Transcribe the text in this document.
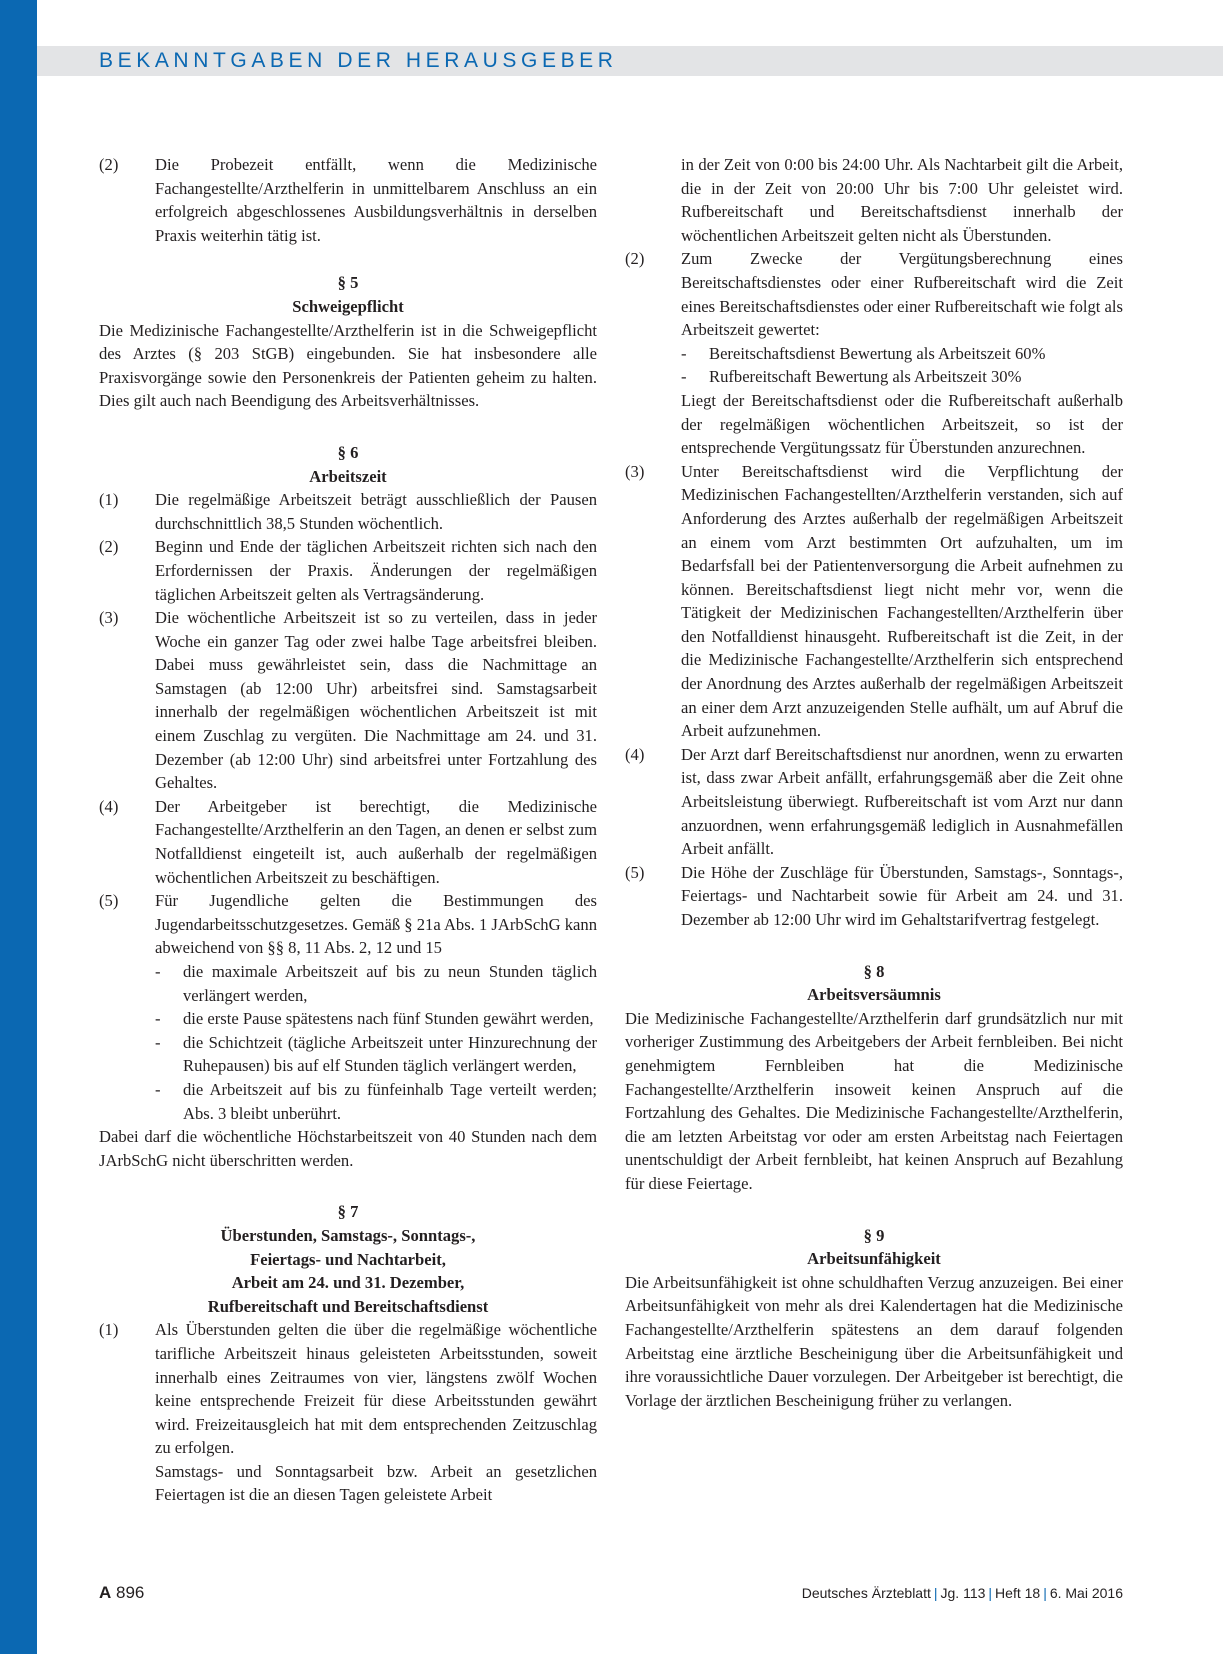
BEKANNTGABEN DER HERAUSGEBER
(2) Die Probezeit entfällt, wenn die Medizinische Fachangestellte/Arzthelferin in unmittelbarem Anschluss an ein erfolgreich abgeschlossenes Ausbildungsverhältnis in derselben Praxis weiterhin tätig ist.

§ 5

Schweigepflicht

Die Medizinische Fachangestellte/Arzthelferin ist in die Schweigepflicht des Arztes (§ 203 StGB) eingebunden. Sie hat insbesondere alle Praxisvorgänge sowie den Personenkreis der Patienten geheim zu halten. Dies gilt auch nach Beendigung des Arbeitsverhältnisses.

§ 6

Arbeitszeit

(1) Die regelmäßige Arbeitszeit beträgt ausschließlich der Pausen durchschnittlich 38,5 Stunden wöchentlich.
(2) Beginn und Ende der täglichen Arbeitszeit richten sich nach den Erfordernissen der Praxis. Änderungen der regelmäßigen täglichen Arbeitszeit gelten als Vertragsänderung.
(3) Die wöchentliche Arbeitszeit ist so zu verteilen, dass in jeder Woche ein ganzer Tag oder zwei halbe Tage arbeitsfrei bleiben. Dabei muss gewährleistet sein, dass die Nachmittage an Samstagen (ab 12:00 Uhr) arbeitsfrei sind. Samstagsarbeit innerhalb der regelmäßigen wöchentlichen Arbeitszeit ist mit einem Zuschlag zu vergüten. Die Nachmittage am 24. und 31. Dezember (ab 12:00 Uhr) sind arbeitsfrei unter Fortzahlung des Gehaltes.
(4) Der Arbeitgeber ist berechtigt, die Medizinische Fachangestellte/Arzthelferin an den Tagen, an denen er selbst zum Notfalldienst eingeteilt ist, auch außerhalb der regelmäßigen wöchentlichen Arbeitszeit zu beschäftigen.
(5) Für Jugendliche gelten die Bestimmungen des Jugendarbeitsschutzgesetzes. Gemäß § 21a Abs. 1 JArbSchG kann abweichend von §§ 8, 11 Abs. 2, 12 und 15
- die maximale Arbeitszeit auf bis zu neun Stunden täglich verlängert werden,
- die erste Pause spätestens nach fünf Stunden gewährt werden,
- die Schichtzeit (tägliche Arbeitszeit unter Hinzurechnung der Ruhepausen) bis auf elf Stunden täglich verlängert werden,
- die Arbeitszeit auf bis zu fünfeinhalb Tage verteilt werden; Abs. 3 bleibt unberührt.

Dabei darf die wöchentliche Höchstarbeitszeit von 40 Stunden nach dem JArbSchG nicht überschritten werden.

§ 7

Überstunden, Samstags-, Sonntags-,

Feiertags- und Nachtarbeit,

Arbeit am 24. und 31. Dezember,

Rufbereitschaft und Bereitschaftsdienst

(1) Als Überstunden gelten die über die regelmäßige wöchentliche tarifliche Arbeitszeit hinaus geleisteten Arbeitsstunden, soweit innerhalb eines Zeitraumes von vier, längstens zwölf Wochen keine entsprechende Freizeit für diese Arbeitsstunden gewährt wird. Freizeitausgleich hat mit dem entsprechenden Zeitzuschlag zu erfolgen.
Samstags- und Sonntagsarbeit bzw. Arbeit an gesetzlichen Feiertagen ist die an diesen Tagen geleistete Arbeit
in der Zeit von 0:00 bis 24:00 Uhr. Als Nachtarbeit gilt die Arbeit, die in der Zeit von 20:00 Uhr bis 7:00 Uhr geleistet wird. Rufbereitschaft und Bereitschaftsdienst innerhalb der wöchentlichen Arbeitszeit gelten nicht als Überstunden.
(2) Zum Zwecke der Vergütungsberechnung eines Bereitschaftsdienstes oder einer Rufbereitschaft wird die Zeit eines Bereitschaftsdienstes oder einer Rufbereitschaft wie folgt als Arbeitszeit gewertet:
- Bereitschaftsdienst Bewertung als Arbeitszeit 60%
- Rufbereitschaft Bewertung als Arbeitszeit 30%
Liegt der Bereitschaftsdienst oder die Rufbereitschaft außerhalb der regelmäßigen wöchentlichen Arbeitszeit, so ist der entsprechende Vergütungssatz für Überstunden anzurechnen.
(3) Unter Bereitschaftsdienst wird die Verpflichtung der Medizinischen Fachangestellten/Arzthelferin verstanden, sich auf Anforderung des Arztes außerhalb der regelmäßigen Arbeitszeit an einem vom Arzt bestimmten Ort aufzuhalten, um im Bedarfsfall bei der Patientenversorgung die Arbeit aufnehmen zu können. Bereitschaftsdienst liegt nicht mehr vor, wenn die Tätigkeit der Medizinischen Fachangestellten/Arzthelferin über den Notfalldienst hinausgeht. Rufbereitschaft ist die Zeit, in der die Medizinische Fachangestellte/Arzthelferin sich entsprechend der Anordnung des Arztes außerhalb der regelmäßigen Arbeitszeit an einer dem Arzt anzuzeigenden Stelle aufhält, um auf Abruf die Arbeit aufzunehmen.
(4) Der Arzt darf Bereitschaftsdienst nur anordnen, wenn zu erwarten ist, dass zwar Arbeit anfällt, erfahrungsgemäß aber die Zeit ohne Arbeitsleistung überwiegt. Rufbereitschaft ist vom Arzt nur dann anzuordnen, wenn erfahrungsgemäß lediglich in Ausnahmefällen Arbeit anfällt.
(5) Die Höhe der Zuschläge für Überstunden, Samstags-, Sonntags-, Feiertags- und Nachtarbeit sowie für Arbeit am 24. und 31. Dezember ab 12:00 Uhr wird im Gehaltstarifvertrag festgelegt.

§ 8

Arbeitsversäumnis

Die Medizinische Fachangestellte/Arzthelferin darf grundsätzlich nur mit vorheriger Zustimmung des Arbeitgebers der Arbeit fernbleiben. Bei nicht genehmigtem Fernbleiben hat die Medizinische Fachangestellte/Arzthelferin insoweit keinen Anspruch auf die Fortzahlung des Gehaltes. Die Medizinische Fachangestellte/Arzthelferin, die am letzten Arbeitstag vor oder am ersten Arbeitstag nach Feiertagen unentschuldigt der Arbeit fernbleibt, hat keinen Anspruch auf Bezahlung für diese Feiertage.

§ 9

Arbeitsunfähigkeit

Die Arbeitsunfähigkeit ist ohne schuldhaften Verzug anzuzeigen. Bei einer Arbeitsunfähigkeit von mehr als drei Kalendertagen hat die Medizinische Fachangestellte/Arzthelferin spätestens an dem darauf folgenden Arbeitstag eine ärztliche Bescheinigung über die Arbeitsunfähigkeit und ihre voraussichtliche Dauer vorzulegen. Der Arbeitgeber ist berechtigt, die Vorlage der ärztlichen Bescheinigung früher zu verlangen.

A 896	Deutsches Ärzteblatt | Jg. 113 | Heft 18 | 6. Mai 2016
